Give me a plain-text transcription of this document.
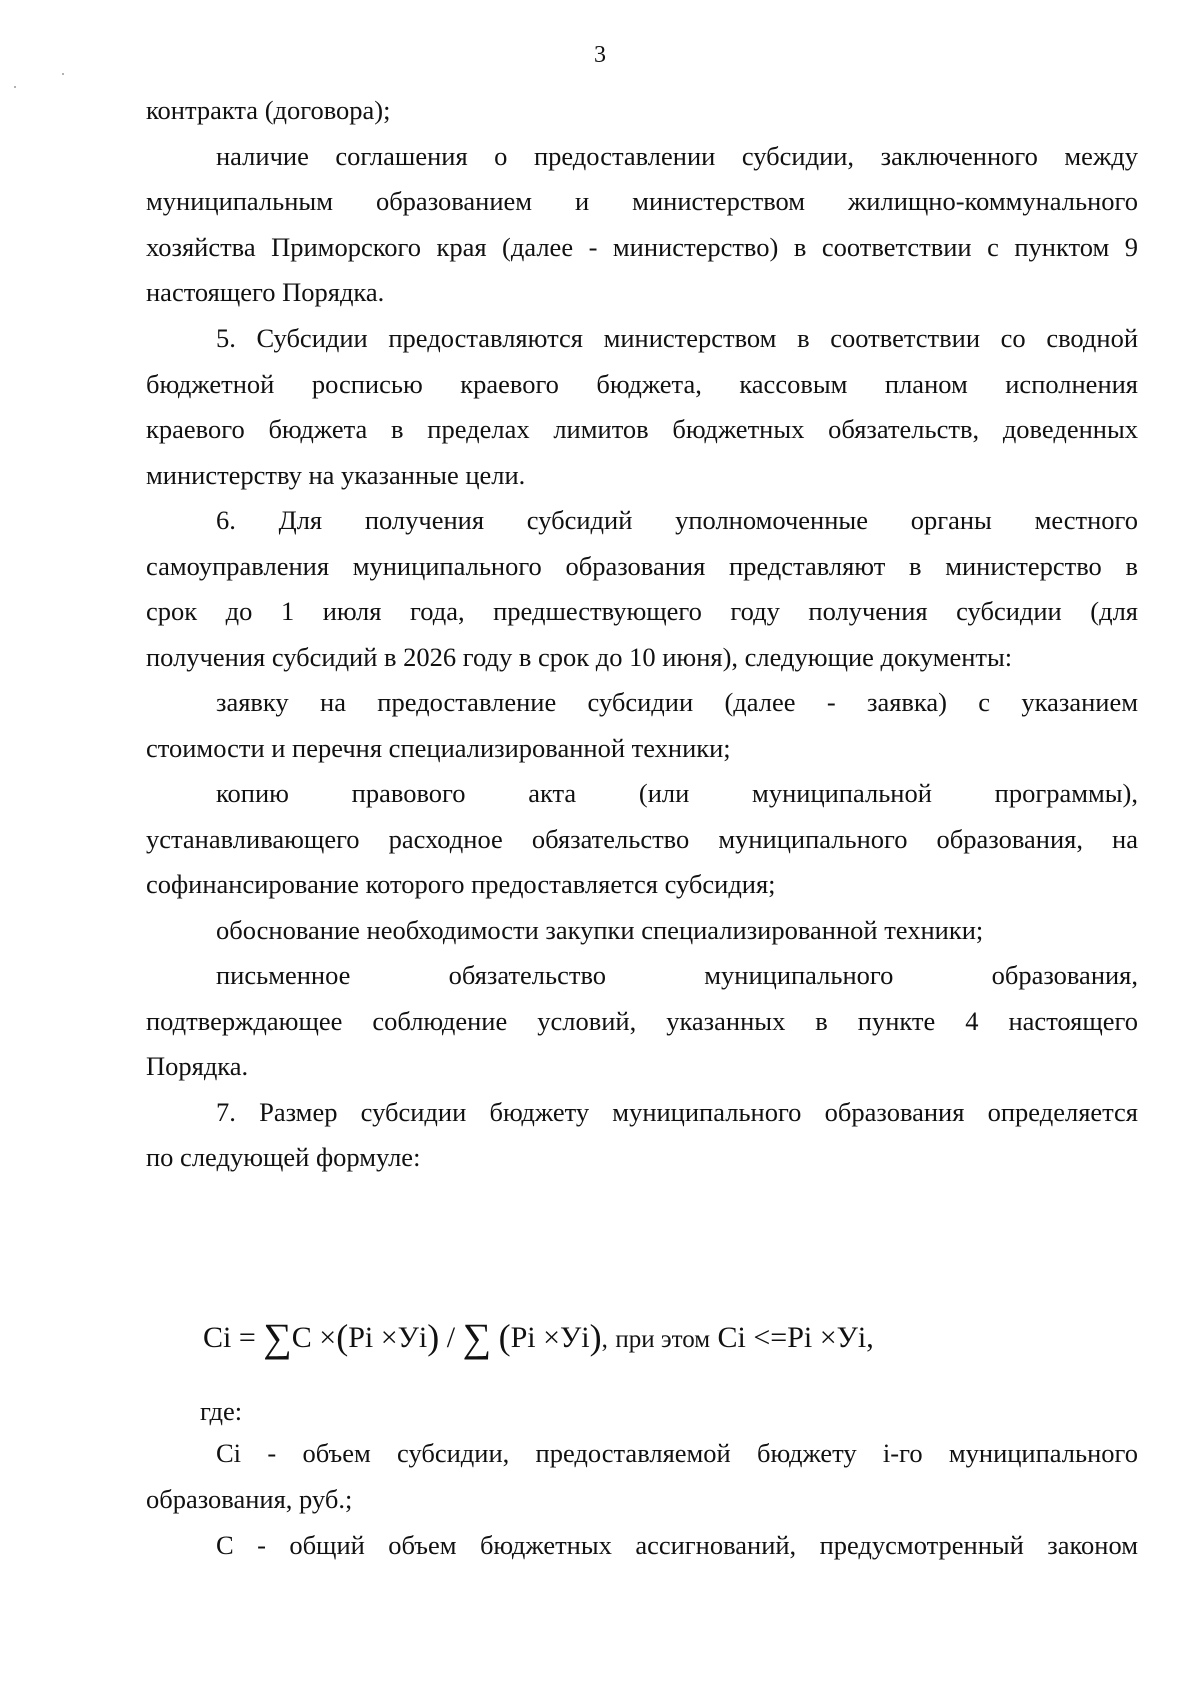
3
контракта (договора);
наличие соглашения о предоставлении субсидии, заключенного между
муниципальным образованием и министерством жилищно-коммунального
хозяйства Приморского края (далее - министерство) в соответствии с пунктом 9
настоящего Порядка.
5. Субсидии предоставляются министерством в соответствии со сводной
бюджетной росписью краевого бюджета, кассовым планом исполнения
краевого бюджета в пределах лимитов бюджетных обязательств, доведенных
министерству на указанные цели.
6. Для получения субсидий уполномоченные органы местного
самоуправления муниципального образования представляют в министерство в
срок до 1 июля года, предшествующего году получения субсидии (для
получения субсидий в 2026 году в срок до 10 июня), следующие документы:
заявку на предоставление субсидии (далее - заявка) с указанием
стоимости и перечня специализированной техники;
копию правового акта (или муниципальной программы),
устанавливающего расходное обязательство муниципального образования, на
софинансирование которого предоставляется субсидия;
обоснование необходимости закупки специализированной техники;
письменное обязательство муниципального образования,
подтверждающее соблюдение условий, указанных в пункте 4 настоящего
Порядка.
7. Размер субсидии бюджету муниципального образования определяется
по следующей формуле:
Ci = ∑C ×(Pi ×Уi) / ∑ (Pi ×Уi), при этом Ci <=Pi ×Уi,
где:
Ci - объем субсидии, предоставляемой бюджету i-го муниципального
образования, руб.;
С - общий объем бюджетных ассигнований, предусмотренный законом
